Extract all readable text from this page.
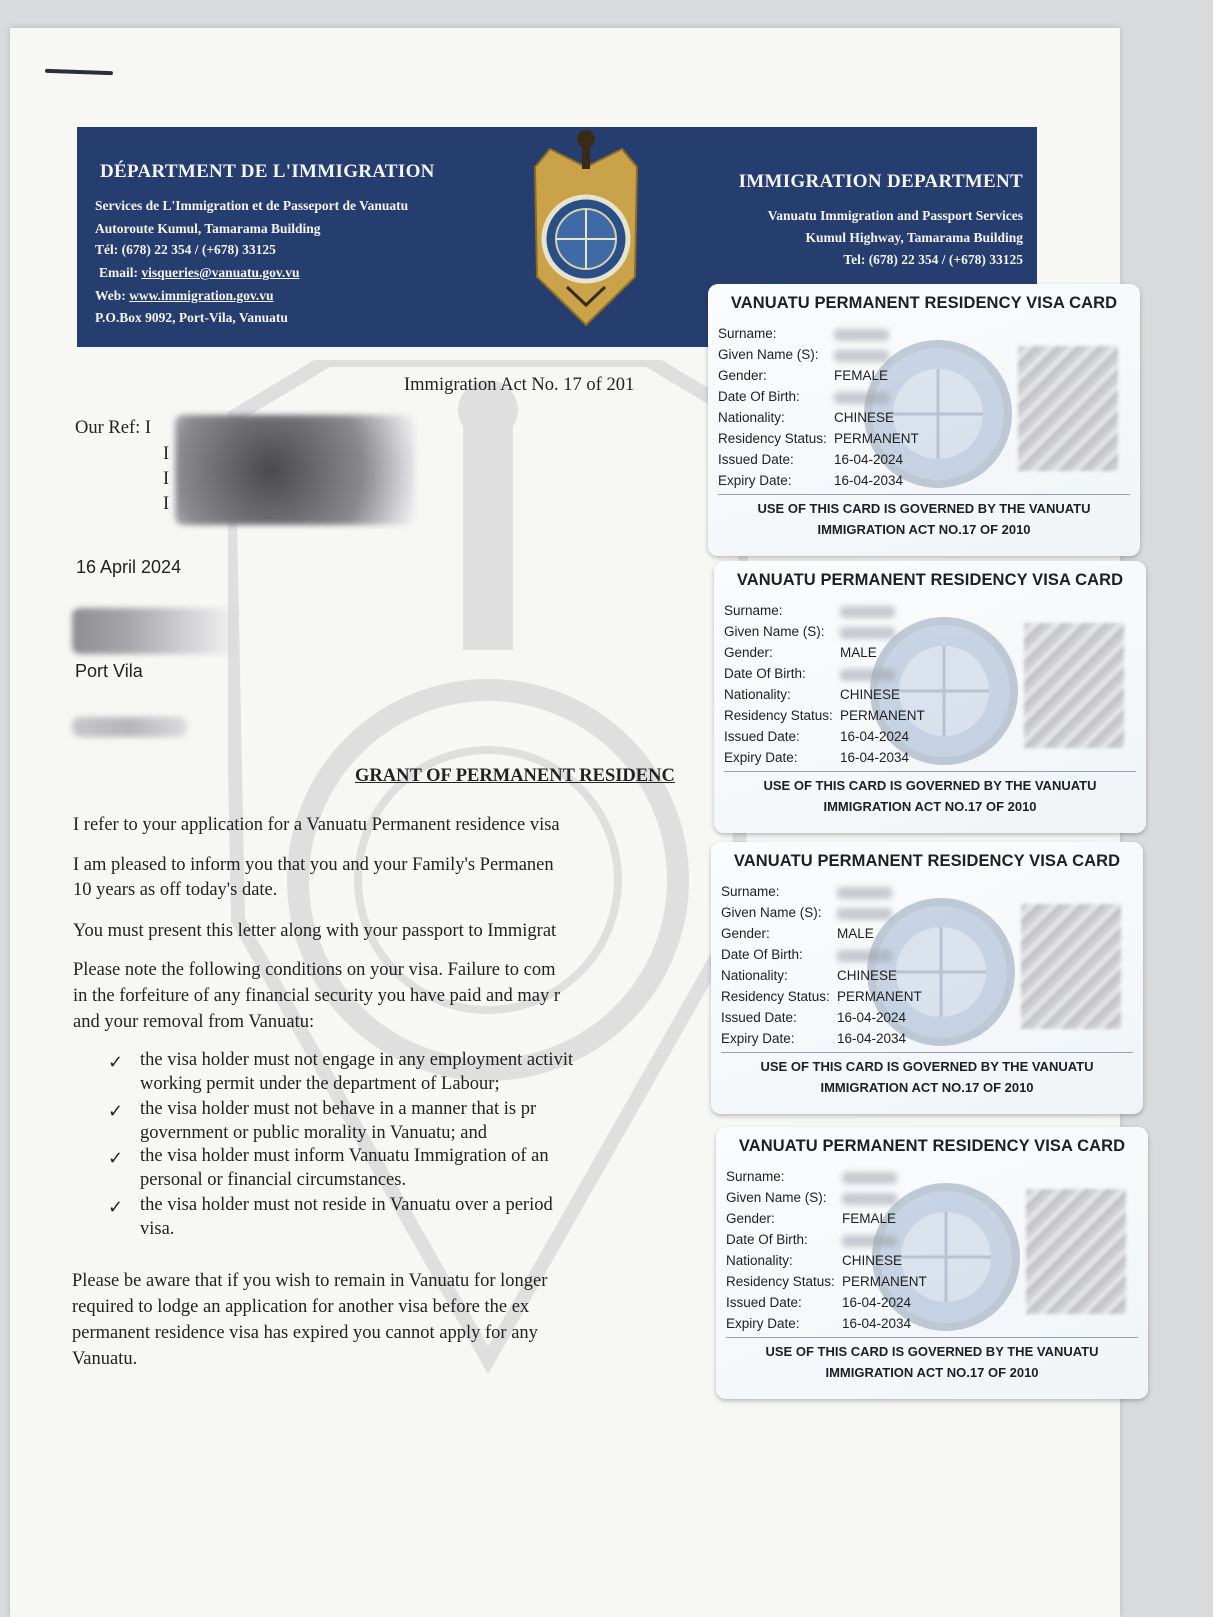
DÉPARTMENT DE L'IMMIGRATION
Services de L'Immigration et de Passeport de Vanuatu
Autoroute Kumul, Tamarama Building
Tél: (678) 22 354 / (+678) 33125
Email: visqueries@vanuatu.gov.vu
Web: www.immigration.gov.vu
P.O.Box 9092, Port-Vila, Vanuatu
IMMIGRATION DEPARTMENT
Vanuatu Immigration and Passport Services
Kumul Highway, Tamarama Building
Tel: (678) 22 354 / (+678) 33125
Immigration Act No. 17 of 201
Our Ref: I
I
I
I
16 April 2024
Port Vila
GRANT OF PERMANENT RESIDENC
I refer to your application for a Vanuatu Permanent residence visa
I am pleased to inform you that you and your Family's Permanen
10 years as off today's date.
You must present this letter along with your passport to Immigrat
Please note the following conditions on your visa. Failure to com
in the forfeiture of any financial security you have paid and may r
and your removal from Vanuatu:
✓ the visa holder must not engage in any employment activit
working permit under the department of Labour;
✓ the visa holder must not behave in a manner that is pr
government or public morality in Vanuatu; and
✓ the visa holder must inform Vanuatu Immigration of an
personal or financial circumstances.
✓ the visa holder must not reside in Vanuatu over a period
visa.
Please be aware that if you wish to remain in Vanuatu for longer
required to lodge an application for another visa before the ex
permanent residence visa has expired you cannot apply for any
Vanuatu.
VANUATU PERMANENT RESIDENCY VISA CARD
Surname:
Given Name (S):
Gender:	FEMALE
Date Of Birth:
Nationality:	CHINESE
Residency Status: PERMANENT
Issued Date:	16-04-2024
Expiry Date:	16-04-2034
USE OF THIS CARD IS GOVERNED BY THE VANUATU
IMMIGRATION ACT NO.17 OF 2010
VANUATU PERMANENT RESIDENCY VISA CARD
Surname:
Given Name (S):
Gender:	MALE
Date Of Birth:
Nationality:	CHINESE
Residency Status: PERMANENT
Issued Date:	16-04-2024
Expiry Date:	16-04-2034
USE OF THIS CARD IS GOVERNED BY THE VANUATU
IMMIGRATION ACT NO.17 OF 2010
VANUATU PERMANENT RESIDENCY VISA CARD
Surname:
Given Name (S):
Gender:	MALE
Date Of Birth:
Nationality:	CHINESE
Residency Status: PERMANENT
Issued Date:	16-04-2024
Expiry Date:	16-04-2034
USE OF THIS CARD IS GOVERNED BY THE VANUATU
IMMIGRATION ACT NO.17 OF 2010
VANUATU PERMANENT RESIDENCY VISA CARD
Surname:
Given Name (S):
Gender:	FEMALE
Date Of Birth:
Nationality:	CHINESE
Residency Status: PERMANENT
Issued Date:	16-04-2024
Expiry Date:	16-04-2034
USE OF THIS CARD IS GOVERNED BY THE VANUATU
IMMIGRATION ACT NO.17 OF 2010
